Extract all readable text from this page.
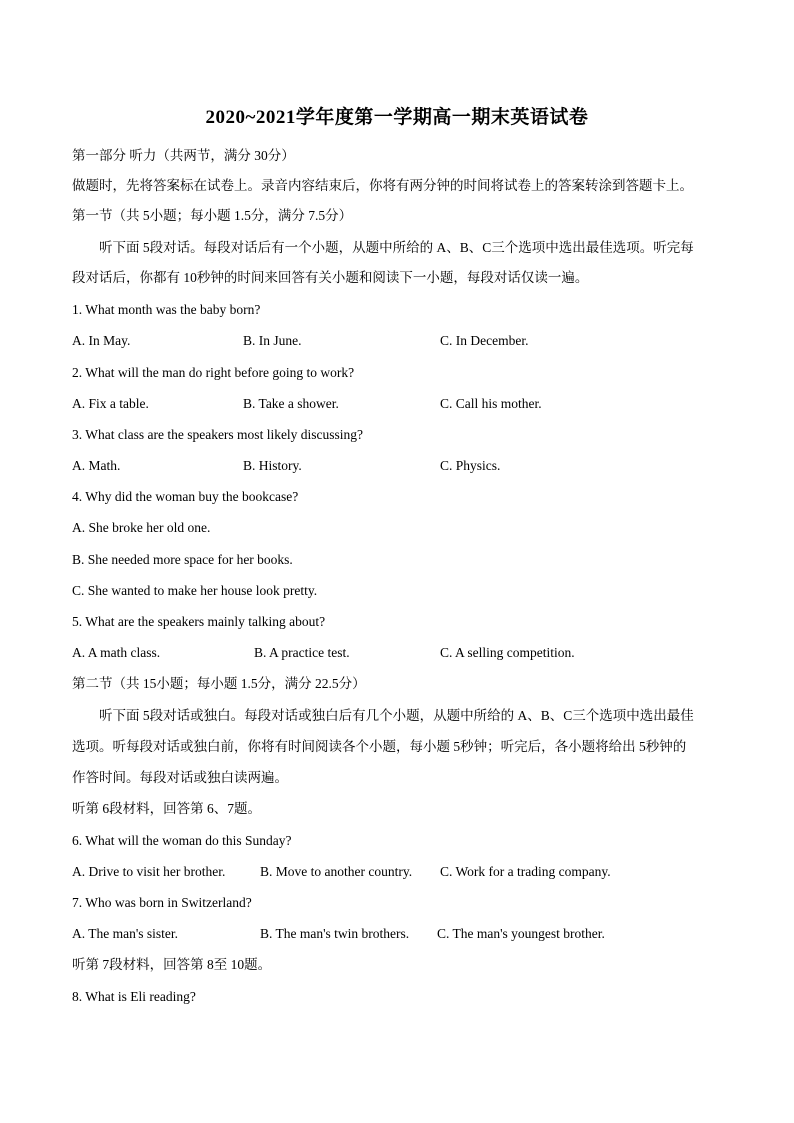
2020~2021学年度第一学期高一期末英语试卷
第一部分 听力（共两节，满分 30分）
做题时，先将答案标在试卷上。录音内容结束后，你将有两分钟的时间将试卷上的答案转涂到答题卡上。
第一节（共 5小题；每小题 1.5分，满分 7.5分）
听下面 5段对话。每段对话后有一个小题，从题中所给的 A、B、C三个选项中选出最佳选项。听完每
段对话后，你都有 10秒钟的时间来回答有关小题和阅读下一小题，每段对话仅读一遍。
1. What month was the baby born?
A. In May.	B. In June.	C. In December.
2. What will the man do right before going to work?
A. Fix a table.	B. Take a shower.	C. Call his mother.
3. What class are the speakers most likely discussing?
A. Math.	B. History.	C. Physics.
4. Why did the woman buy the bookcase?
A. She broke her old one.
B. She needed more space for her books.
C. She wanted to make her house look pretty.
5. What are the speakers mainly talking about?
A. A math class.	B. A practice test.	C. A selling competition.
第二节（共 15小题；每小题 1.5分，满分 22.5分）
听下面 5段对话或独白。每段对话或独白后有几个小题，从题中所给的 A、B、C三个选项中选出最佳
选项。听每段对话或独白前，你将有时间阅读各个小题，每小题 5秒钟；听完后，各小题将给出 5秒钟的
作答时间。每段对话或独白读两遍。
听第 6段材料，回答第 6、7题。
6. What will the woman do this Sunday?
A. Drive to visit her brother.	B. Move to another country. C. Work for a trading company.
7. Who was born in Switzerland?
A. The man's sister.	B. The man's twin brothers. C. The man's youngest brother.
听第 7段材料，回答第 8至 10题。
8. What is Eli reading?
